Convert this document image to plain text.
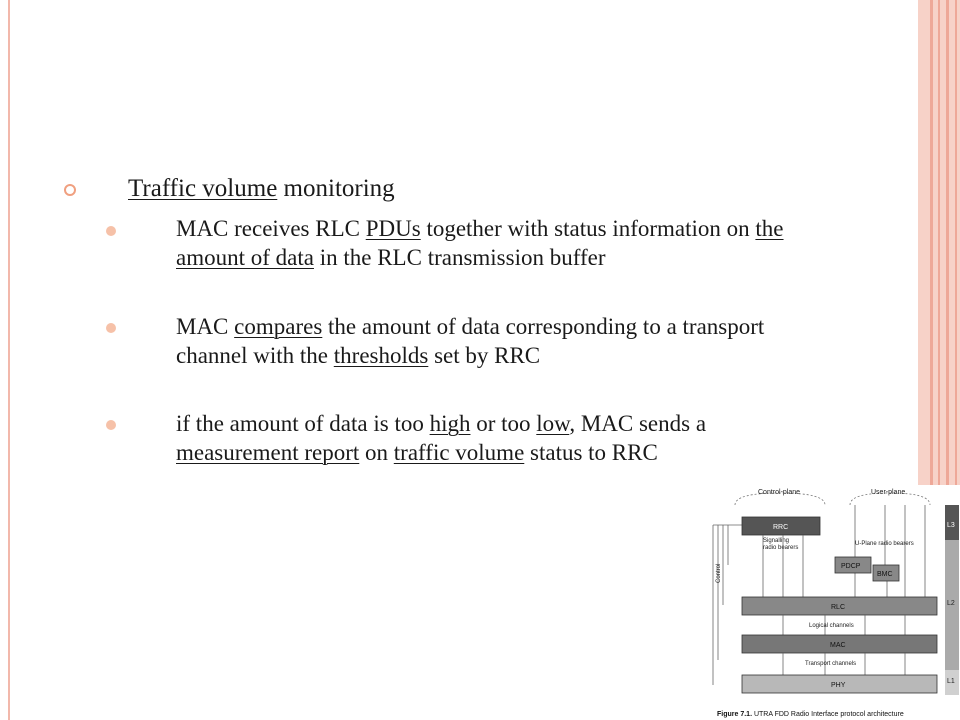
Traffic volume monitoring
MAC receives RLC PDUs together with status information on the amount of data in the RLC transmission buffer
MAC compares the amount of data corresponding to a transport channel with the thresholds set by RRC
if the amount of data is too high or too low, MAC sends a measurement report on traffic volume status to RRC
Control-plane	User-plane
L3
L2
L1
Control
RRC
Signalling
radio bearers
U-Plane radio bearers
PDCP
BMC
RLC
Logical channels
MAC
Transport channels
PHY
Figure 7.1. UTRA FDD Radio Interface protocol architecture
